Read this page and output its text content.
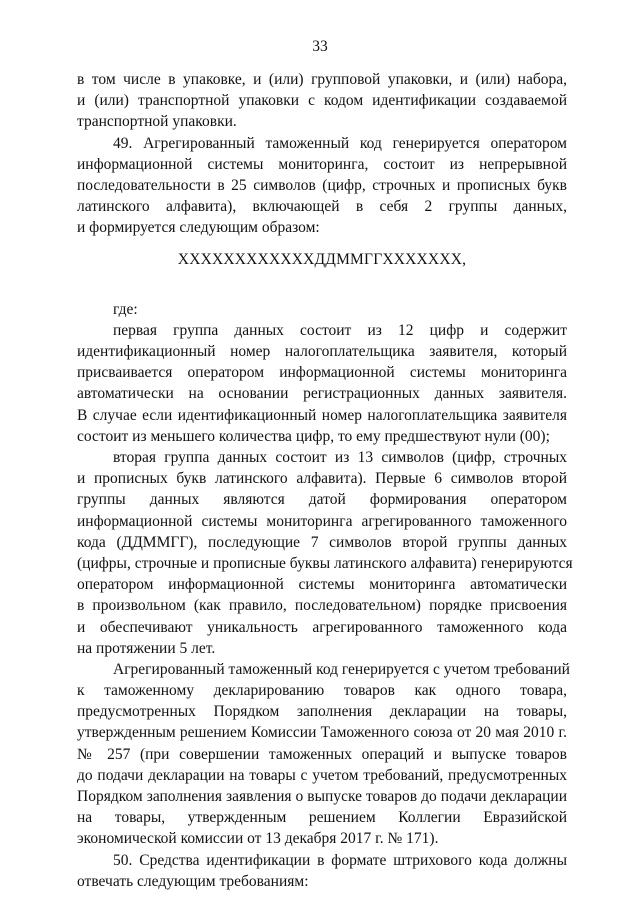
33
в том числе в упаковке, и (или) групповой упаковки, и (или) набора,
и (или) транспортной упаковки с кодом идентификации создаваемой
транспортной упаковки.
49. Агрегированный таможенный код генерируется оператором
информационной системы мониторинга, состоит из непрерывной
последовательности в 25 символов (цифр, строчных и прописных букв
латинского алфавита), включающей в себя 2 группы данных,
и формируется следующим образом:
ХХХХХХХХХХХХДДММГГХХХХХХХ,
где:
первая группа данных состоит из 12 цифр и содержит
идентификационный номер налогоплательщика заявителя, который
присваивается оператором информационной системы мониторинга
автоматически на основании регистрационных данных заявителя.
В случае если идентификационный номер налогоплательщика заявителя
состоит из меньшего количества цифр, то ему предшествуют нули (00);
вторая группа данных состоит из 13 символов (цифр, строчных
и прописных букв латинского алфавита). Первые 6 символов второй
группы данных являются датой формирования оператором
информационной системы мониторинга агрегированного таможенного
кода (ДДММГГ), последующие 7 символов второй группы данных
(цифры, строчные и прописные буквы латинского алфавита) генерируются
оператором информационной системы мониторинга автоматически
в произвольном (как правило, последовательном) порядке присвоения
и обеспечивают уникальность агрегированного таможенного кода
на протяжении 5 лет.
Агрегированный таможенный код генерируется с учетом требований
к таможенному декларированию товаров как одного товара,
предусмотренных Порядком заполнения декларации на товары,
утвержденным решением Комиссии Таможенного союза от 20 мая 2010 г.
№ 257 (при совершении таможенных операций и выпуске товаров
до подачи декларации на товары с учетом требований, предусмотренных
Порядком заполнения заявления о выпуске товаров до подачи декларации
на товары, утвержденным решением Коллегии Евразийской
экономической комиссии от 13 декабря 2017 г. № 171).
50. Средства идентификации в формате штрихового кода должны
отвечать следующим требованиям:
